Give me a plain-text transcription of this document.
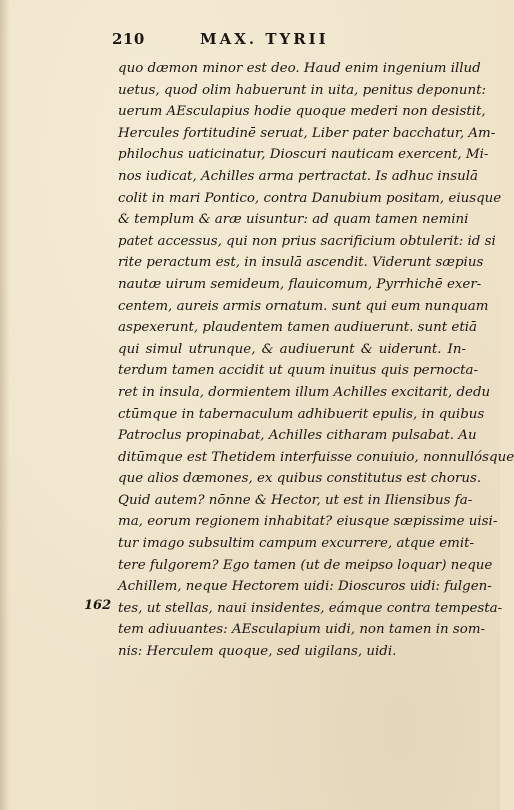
210	MAX. TYRII
162
quo dæmon minor est deo. Haud enim ingenium illud
uetus, quod olim habuerunt in uita, penitus deponunt:
uerum AEsculapius hodie quoque mederi non desistit,
Hercules fortitudinē seruat, Liber pater bacchatur, Am-
philochus uaticinatur, Dioscuri nauticam exercent, Mi-
nos iudicat, Achilles arma pertractat. Is adhuc insulā
colit in mari Pontico, contra Danubium positam, eiusque
& templum & aræ uisuntur: ad quam tamen nemini
patet accessus, qui non prius sacrificium obtulerit: id si
rite peractum est, in insulā ascendit. Viderunt sæpius
nautæ uirum semideum, flauicomum, Pyrrhichē exer-
centem, aureis armis ornatum. sunt qui eum nunquam
aspexerunt, plaudentem tamen audiuerunt. sunt etiā
qui simul utrunque, & audiuerunt & uiderunt. In-
terdum tamen accidit ut quum inuitus quis pernocta-
ret in insula, dormientem illum Achilles excitarit, dedu
ctūmque in tabernaculum adhibuerit epulis, in quibus
Patroclus propinabat, Achilles citharam pulsabat. Au
ditūmque est Thetidem interfuisse conuiuio, nonnullósque
que alios dæmones, ex quibus constitutus est chorus.
Quid autem? nōnne & Hector, ut est in Iliensibus fa-
ma, eorum regionem inhabitat? eiusque sæpissime uisi-
tur imago subsultim campum excurrere, atque emit-
tere fulgorem? Ego tamen (ut de meipso loquar) neque
Achillem, neque Hectorem uidi: Dioscuros uidi: fulgen-
tes, ut stellas, naui insidentes, eámque contra tempesta-
tem adiuuantes: AEsculapium uidi, non tamen in som-
nis: Herculem quoque, sed uigilans, uidi.
